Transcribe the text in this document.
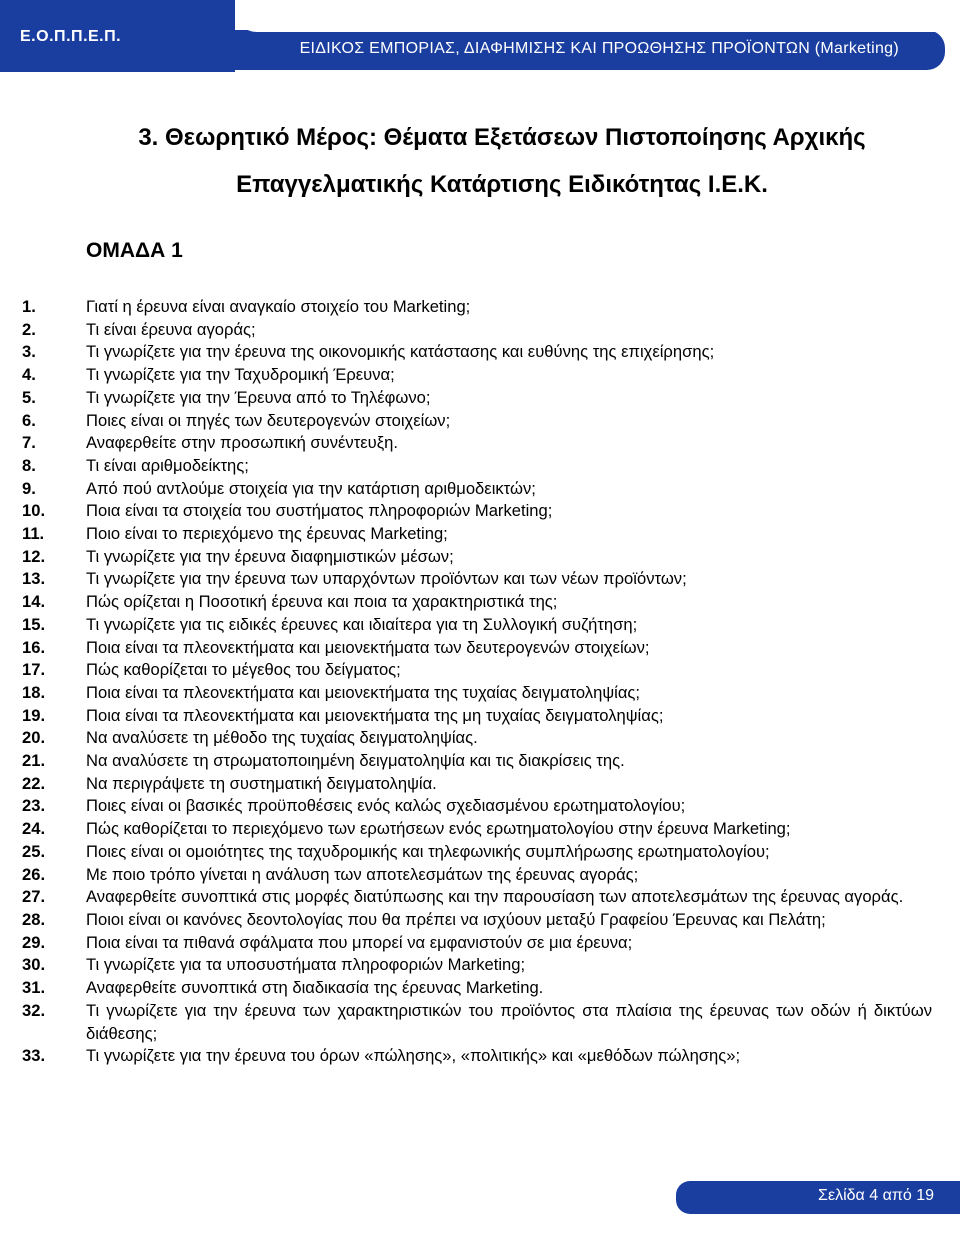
ΕΙΔΙΚΟΣ ΕΜΠΟΡΙΑΣ, ΔΙΑΦΗΜΙΣΗΣ ΚΑΙ ΠΡΟΩΘΗΣΗΣ ΠΡΟΪΟΝΤΩΝ (Marketing)
Ε.Ο.Π.Π.Ε.Π.
3. Θεωρητικό Μέρος: Θέματα Εξετάσεων Πιστοποίησης Αρχικής
Επαγγελματικής Κατάρτισης Ειδικότητας Ι.Ε.Κ.
ΟΜΑΔΑ 1
1.	Γιατί η έρευνα είναι αναγκαίο στοιχείο του Marketing;
2.	Τι είναι έρευνα αγοράς;
3.	Τι γνωρίζετε για την έρευνα της οικονομικής κατάστασης και ευθύνης της επιχείρησης;
4.	Τι γνωρίζετε για την Ταχυδρομική Έρευνα;
5.	Τι γνωρίζετε για την Έρευνα από το Τηλέφωνο;
6.	Ποιες είναι οι πηγές των δευτερογενών στοιχείων;
7.	Αναφερθείτε στην προσωπική συνέντευξη.
8.	Τι είναι αριθμοδείκτης;
9.	Από πού αντλούμε στοιχεία για την κατάρτιση αριθμοδεικτών;
10.	Ποια είναι τα στοιχεία του συστήματος πληροφοριών Marketing;
11.	Ποιο είναι το περιεχόμενο της έρευνας Marketing;
12.	Τι γνωρίζετε για την έρευνα διαφημιστικών μέσων;
13.	Τι γνωρίζετε για την έρευνα των υπαρχόντων προϊόντων και των νέων προϊόντων;
14.	Πώς ορίζεται η Ποσοτική έρευνα και ποια τα χαρακτηριστικά της;
15.	Τι γνωρίζετε για τις ειδικές έρευνες και ιδιαίτερα για τη Συλλογική συζήτηση;
16.	Ποια είναι τα πλεονεκτήματα και μειονεκτήματα των δευτερογενών στοιχείων;
17.	Πώς καθορίζεται το μέγεθος του δείγματος;
18.	Ποια είναι τα πλεονεκτήματα και μειονεκτήματα της τυχαίας δειγματοληψίας;
19.	Ποια είναι τα πλεονεκτήματα και μειονεκτήματα της μη τυχαίας δειγματοληψίας;
20.	Να αναλύσετε τη μέθοδο της τυχαίας δειγματοληψίας.
21.	Να αναλύσετε τη στρωματοποιημένη δειγματοληψία και τις διακρίσεις της.
22.	Να περιγράψετε τη συστηματική δειγματοληψία.
23.	Ποιες είναι οι βασικές προϋποθέσεις ενός καλώς σχεδιασμένου ερωτηματολογίου;
24.	Πώς καθορίζεται το περιεχόμενο των ερωτήσεων ενός ερωτηματολογίου στην έρευνα Marketing;
25.	Ποιες είναι οι ομοιότητες της ταχυδρομικής και τηλεφωνικής συμπλήρωσης ερωτηματολογίου;
26.	Με ποιο τρόπο γίνεται η ανάλυση των αποτελεσμάτων της έρευνας αγοράς;
27.	Αναφερθείτε συνοπτικά στις μορφές διατύπωσης και την παρουσίαση των αποτελεσμάτων της έρευνας αγοράς.
28.	Ποιοι είναι οι κανόνες δεοντολογίας που θα πρέπει να ισχύουν μεταξύ Γραφείου Έρευνας και Πελάτη;
29.	Ποια είναι τα πιθανά σφάλματα που μπορεί να εμφανιστούν σε μια έρευνα;
30.	Τι γνωρίζετε για τα υποσυστήματα πληροφοριών Marketing;
31.	Αναφερθείτε συνοπτικά στη διαδικασία της έρευνας Marketing.
32.	Τι γνωρίζετε για την έρευνα των χαρακτηριστικών του προϊόντος στα πλαίσια της έρευνας των οδών ή δικτύων διάθεσης;
33.	Τι γνωρίζετε για την έρευνα του όρων «πώλησης», «πολιτικής» και «μεθόδων πώλησης»;
Σελίδα 4 από 19
